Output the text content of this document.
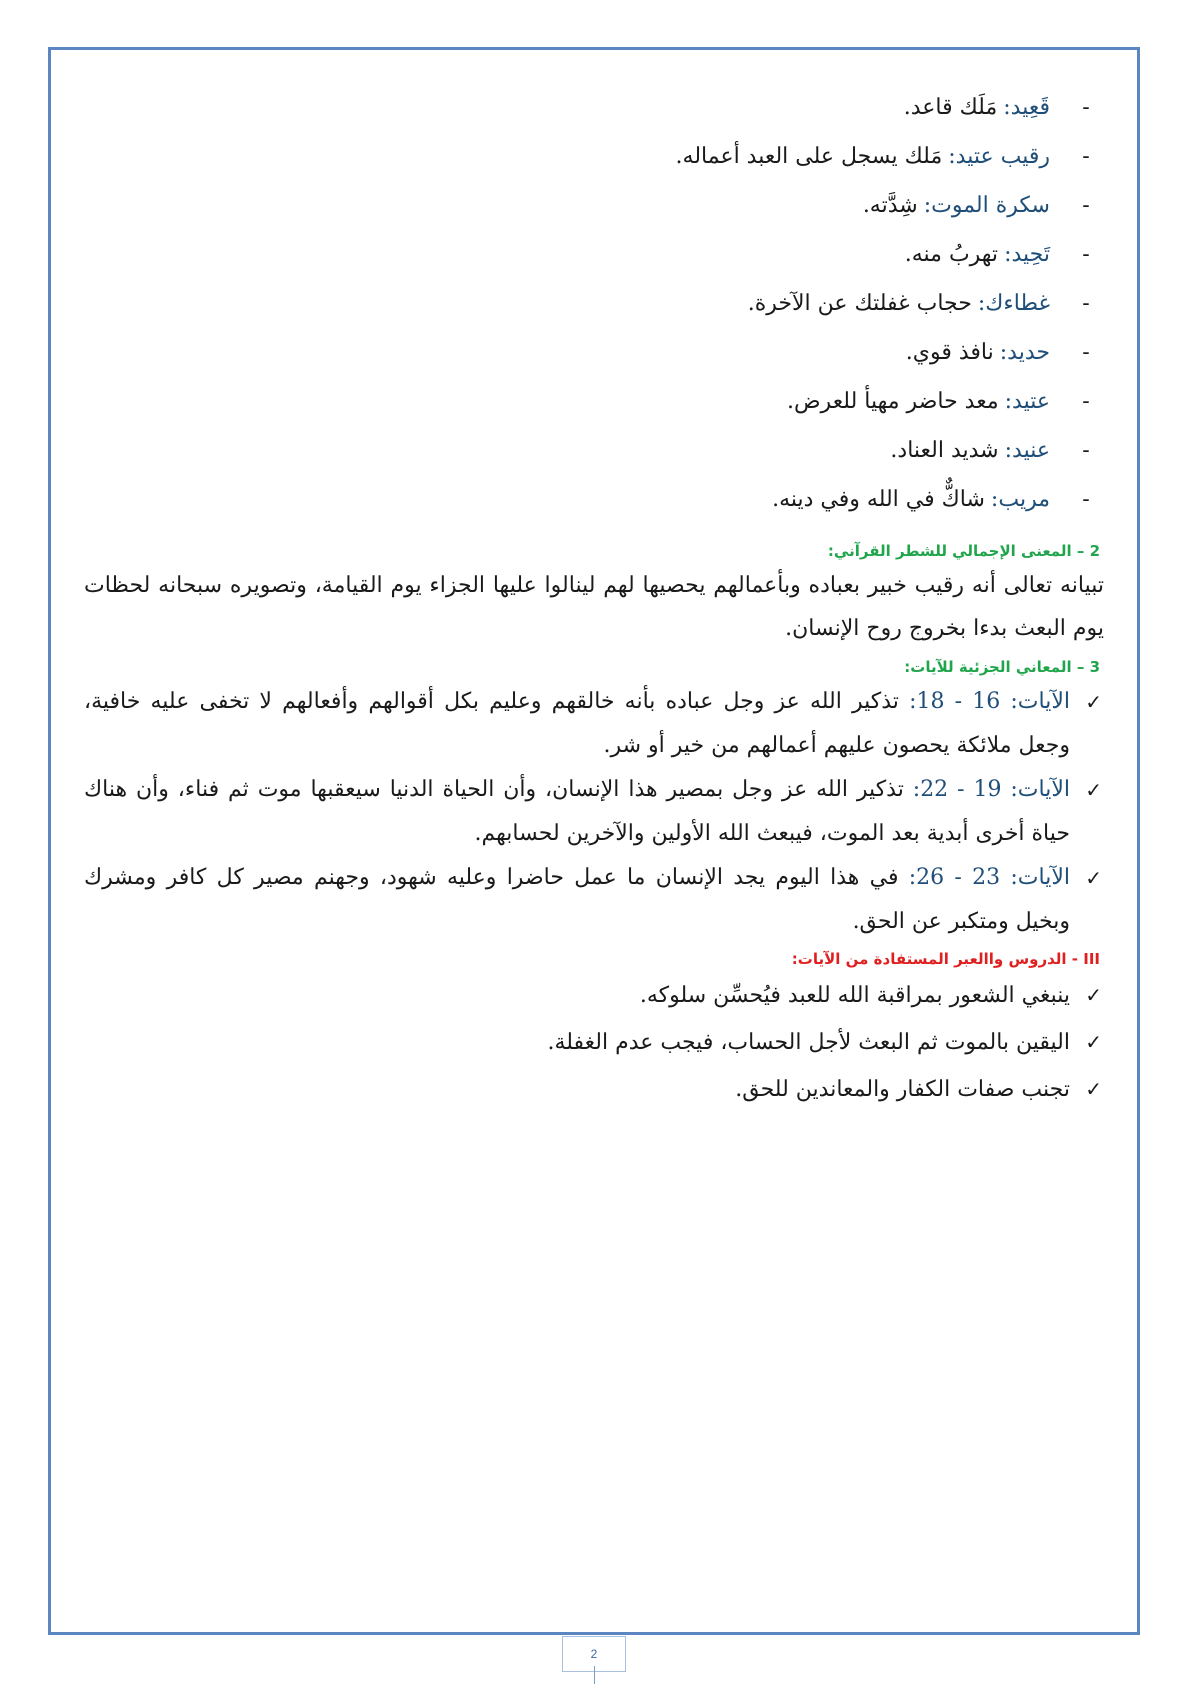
-
قَعِيد
:
مَلَك قاعد.
-
رقيب عتيد
:
مَلك يسجل على العبد أعماله.
-
سكرة الموت
:
شِدَّته.
-
تَحِيد
:
تهربُ منه.
-
غطاءك
:
حجاب غفلتك عن الآخرة.
-
حديد
:
نافذ قوي.
-
عتيد
:
معد حاضر مهيأ للعرض.
-
عنيد
:
شديد العناد.
-
مريب
:
شاكٌّ في الله وفي دينه.
2 – المعنى الإجمالي للشطر القرآني:

تبيانه تعالى أنه رقيب خبير بعباده وبأعمالهم يحصيها لهم لينالوا عليها الجزاء يوم القيامة، وتصويره سبحانه لحظات يوم البعث بدءا بخروج روح الإنسان.

3 – المعاني الجزئية للآيات:
✓
الآيات: 16 - 18: تذكير الله عز وجل عباده بأنه خالقهم وعليم بكل أقوالهم وأفعالهم لا تخفى عليه خافية، وجعل ملائكة يحصون عليهم أعمالهم من خير أو شر.
✓
الآيات: 19 - 22: تذكير الله عز وجل بمصير هذا الإنسان، وأن الحياة الدنيا سيعقبها موت ثم فناء، وأن هناك حياة أخرى أبدية بعد الموت، فيبعث الله الأولين والآخرين لحسابهم.
✓
الآيات: 23 - 26: في هذا اليوم يجد الإنسان ما عمل حاضرا وعليه شهود، وجهنم مصير كل كافر ومشرك وبخيل ومتكبر عن الحق.
III - الدروس واالعبر المستفادة من الآيات:
✓
ينبغي الشعور بمراقبة الله للعبد فيُحسِّن سلوكه.
✓
اليقين بالموت ثم البعث لأجل الحساب، فيجب عدم الغفلة.
✓
تجنب صفات الكفار والمعاندين للحق.
2
